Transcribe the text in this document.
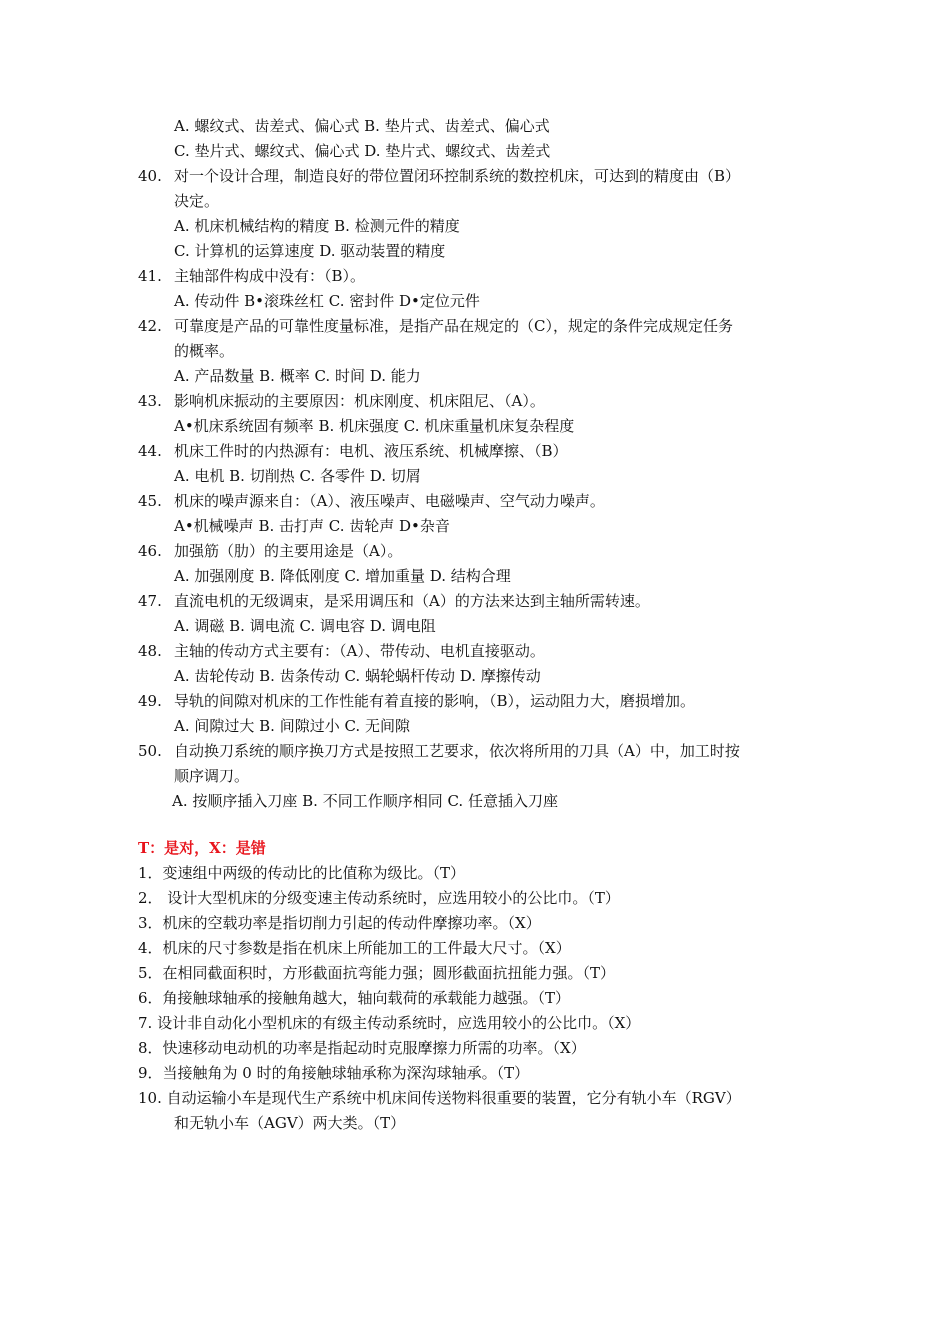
A. 螺纹式、齿差式、偏心式 B. 垫片式、齿差式、偏心式
C. 垫片式、螺纹式、偏心式 D. 垫片式、螺纹式、齿差式
40. 对一个设计合理，制造良好的带位置闭环控制系统的数控机床，可达到的精度由（B）
决定。
A. 机床机械结构的精度 B. 检测元件的精度
C. 计算机的运算速度 D. 驱动装置的精度
41. 主轴部件构成中没有：（B）。
A. 传动件 B•滚珠丝杠 C. 密封件 D•定位元件
42. 可靠度是产品的可靠性度量标准，是指产品在规定的（C），规定的条件完成规定任务
的概率。
A. 产品数量 B. 概率 C. 时间 D. 能力
43. 影响机床振动的主要原因：机床刚度、机床阻尼、（A）。
A•机床系统固有频率 B. 机床强度 C. 机床重量机床复杂程度
44. 机床工件时的内热源有：电机、液压系统、机械摩擦、（B）
A. 电机 B. 切削热 C. 各零件 D. 切屑
45. 机床的噪声源来自：（A）、液压噪声、电磁噪声、空气动力噪声。
A•机械噪声 B. 击打声 C. 齿轮声 D•杂音
46. 加强筋（肋）的主要用途是（A）。
A. 加强刚度 B. 降低刚度 C. 增加重量 D. 结构合理
47. 直流电机的无级调束，是采用调压和（A）的方法来达到主轴所需转速。
A. 调磁 B. 调电流 C. 调电容 D. 调电阻
48. 主轴的传动方式主要有：（A）、带传动、电机直接驱动。
A. 齿轮传动 B. 齿条传动 C. 蜗轮蜗杆传动 D. 摩擦传动
49. 导轨的间隙对机床的工作性能有着直接的影响，（B），运动阻力大，磨损增加。
A. 间隙过大 B. 间隙过小 C. 无间隙
50. 自动换刀系统的顺序换刀方式是按照工艺要求，依次将所用的刀具（A）中，加工时按
顺序调刀。
A. 按顺序插入刀座 B. 不同工作顺序相同 C. 任意插入刀座
T：是对，X：是错
1．变速组中两级的传动比的比值称为级比。（T）
2． 设计大型机床的分级变速主传动系统时，应选用较小的公比巾。（T）
3．机床的空载功率是指切削力引起的传动件摩擦功率。（X）
4．机床的尺寸参数是指在机床上所能加工的工件最大尺寸。（X）
5．在相同截面积时，方形截面抗弯能力强；圆形截面抗扭能力强。（T）
6．角接触球轴承的接触角越大，轴向载荷的承载能力越强。（T）
7. 设计非自动化小型机床的有级主传动系统时，应选用较小的公比巾。（X）
8．快速移动电动机的功率是指起动时克服摩擦力所需的功率。（X）
9．当接触角为 0 时的角接触球轴承称为深沟球轴承。（T）
10. 自动运输小车是现代生产系统中机床间传送物料很重要的装置，它分有轨小车（RGV）
和无轨小车（AGV）两大类。（T）
